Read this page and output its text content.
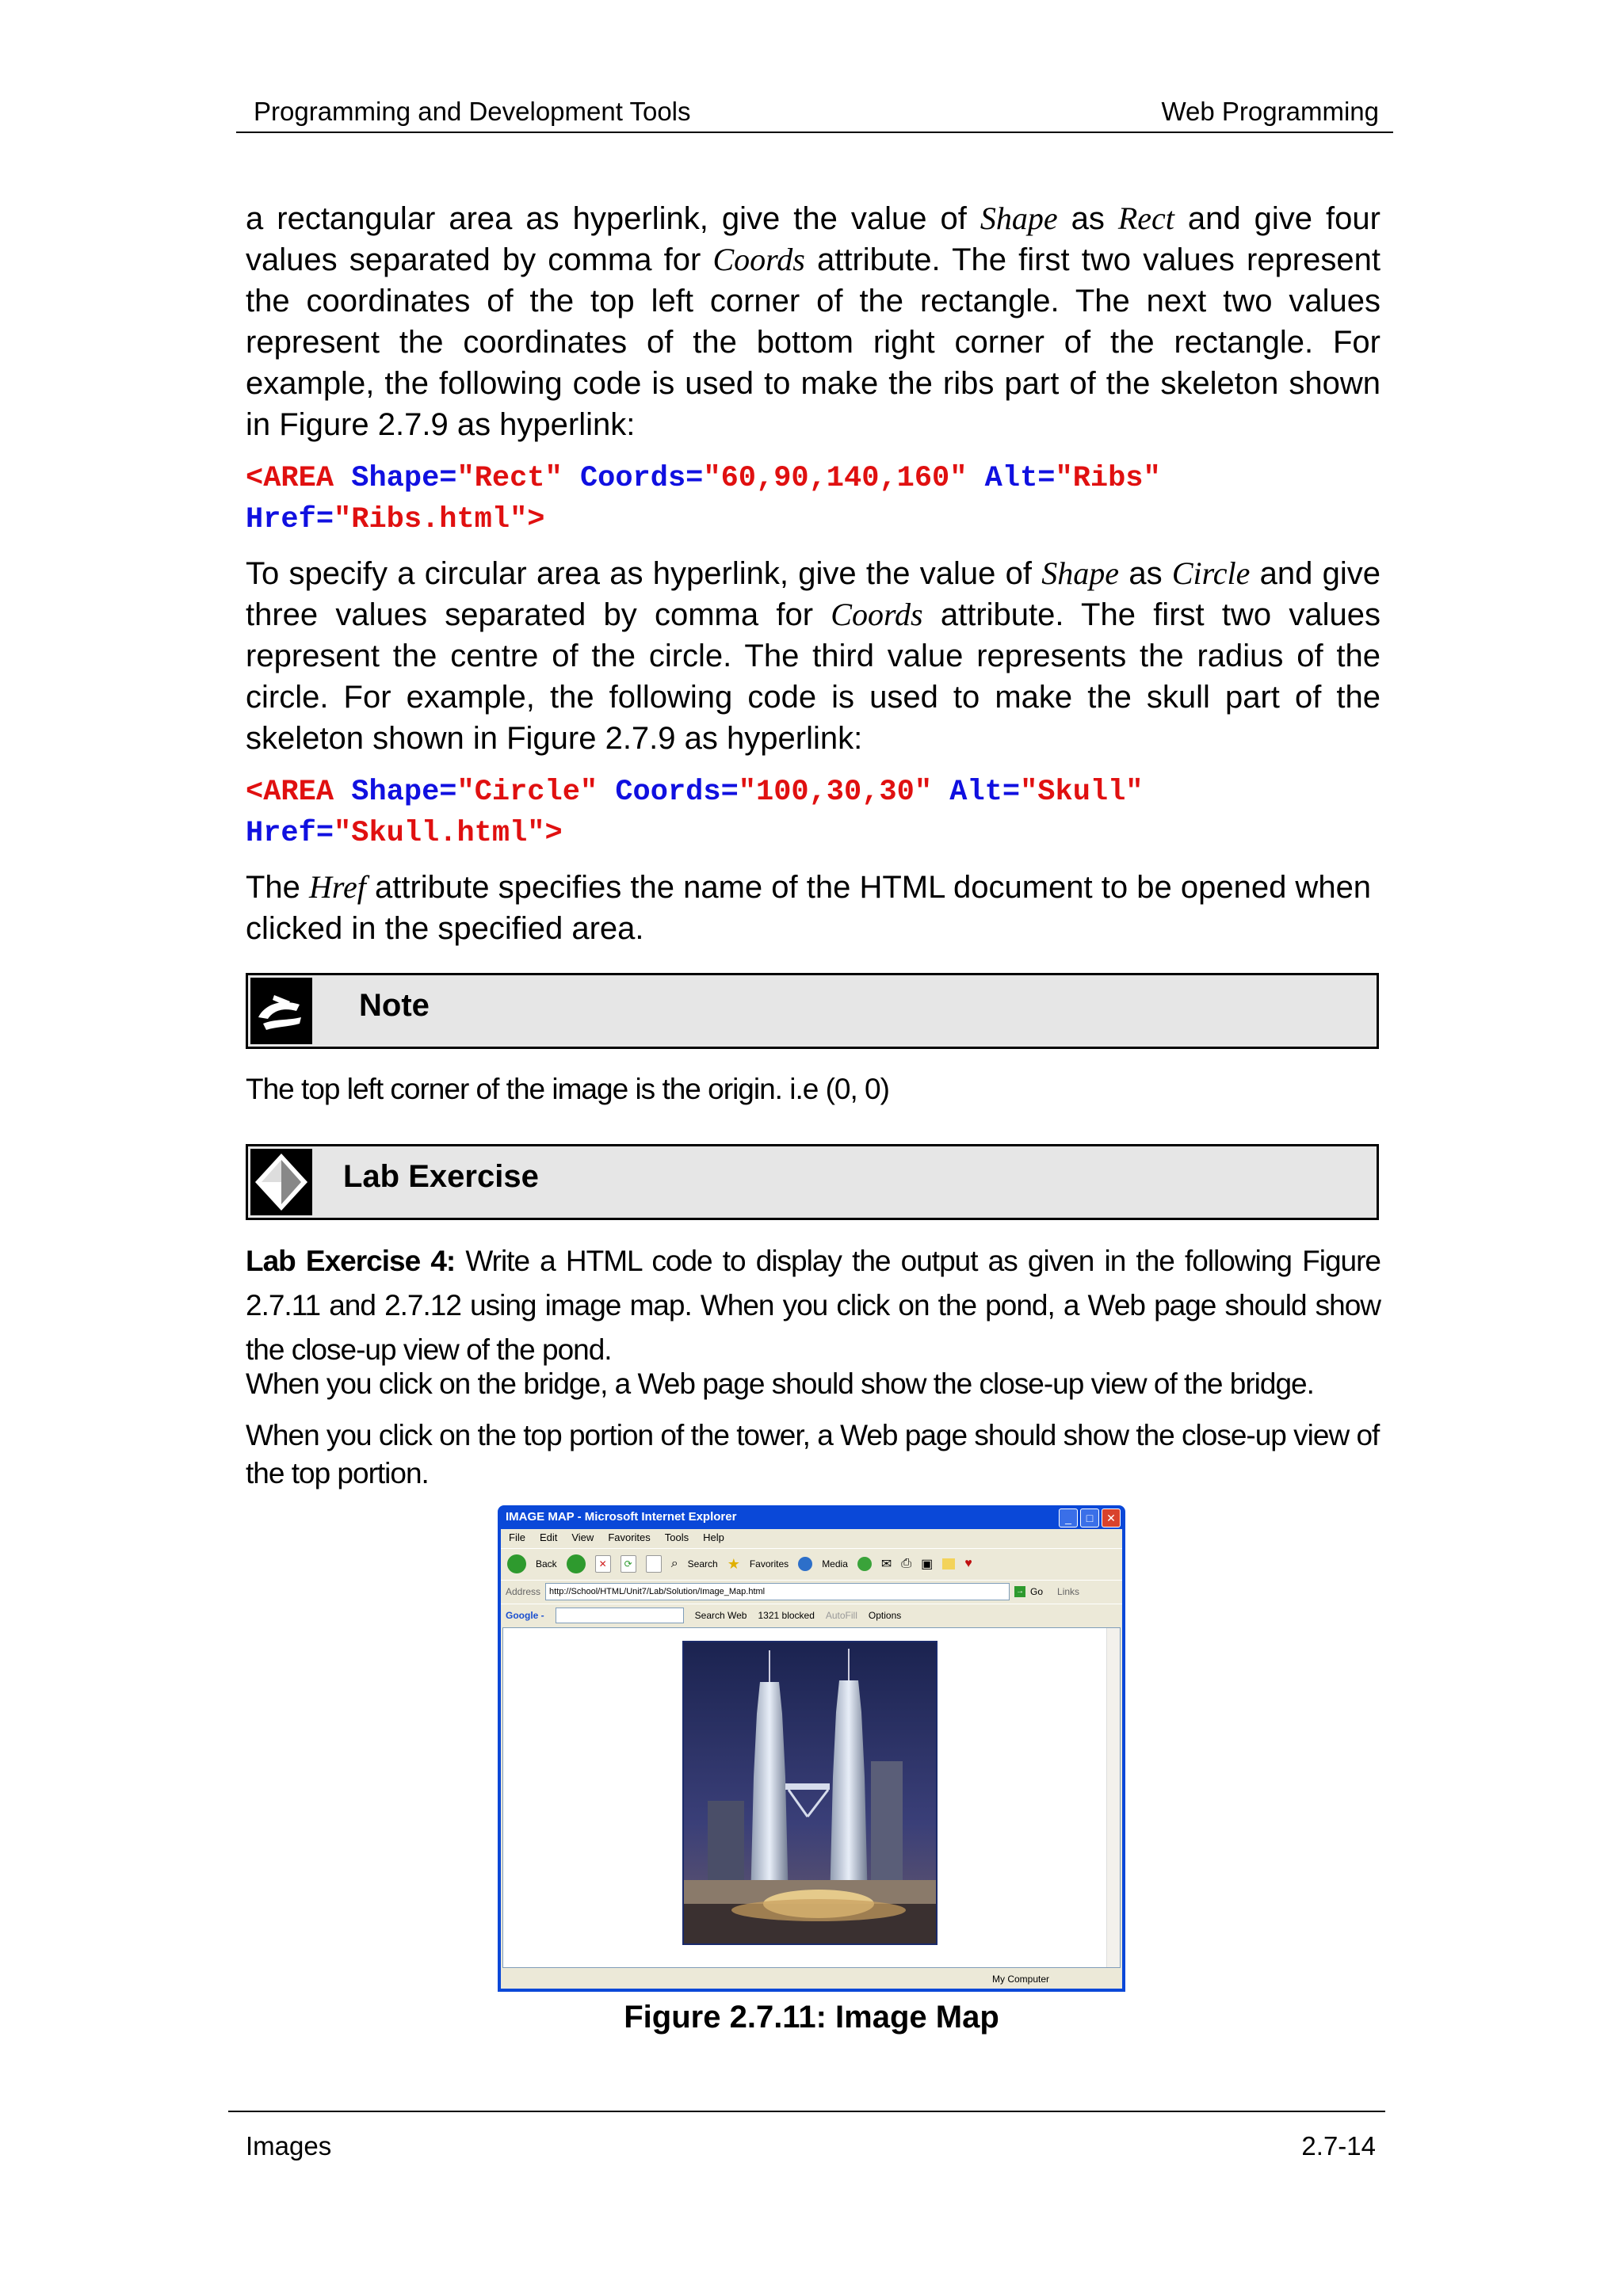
Programming and Development Tools	Web Programming
a rectangular area as hyperlink, give the value of Shape as Rect and give four values separated by comma for Coords attribute. The first two values represent the coordinates of the top left corner of the rectangle. The next two values represent the coordinates of the bottom right corner of the rectangle. For example, the following code is used to make the ribs part of the skeleton shown in Figure 2.7.9 as hyperlink:
<AREA Shape="Rect" Coords="60,90,140,160" Alt="Ribs"
Href="Ribs.html">
To specify a circular area as hyperlink, give the value of Shape as Circle and give three values separated by comma for Coords attribute. The first two values represent the centre of the circle. The third value represents the radius of the circle. For example, the following code is used to make the skull part of the skeleton shown in Figure 2.7.9 as hyperlink:
<AREA Shape="Circle" Coords="100,30,30" Alt="Skull"
Href="Skull.html">
The Href attribute specifies the name of the HTML document to be opened when clicked in the specified area.
Note
The top left corner of the image is the origin. i.e (0, 0)
Lab Exercise
Lab Exercise 4: Write a HTML code to display the output as given in the following Figure 2.7.11 and 2.7.12 using image map. When you click on the pond, a Web page should show the close-up view of the pond.
When you click on the bridge, a Web page should show the close-up view of the bridge.
When you click on the top portion of the tower, a Web page should show the close-up view of the top portion.
IMAGE MAP - Microsoft Internet Explorer	_	□	✕
File Edit View Favorites Tools Help
Back	✕	⟳	⌕ Search ★ Favorites	Media	✉ ⎙ ▣	♥
Address	http://School/HTML/Unit7/Lab/Solution/Image_Map.html	→ Go Links
Google -	Search Web 1321 blocked AutoFill Options
My Computer
Figure 2.7.11: Image Map
Images	2.7-14
